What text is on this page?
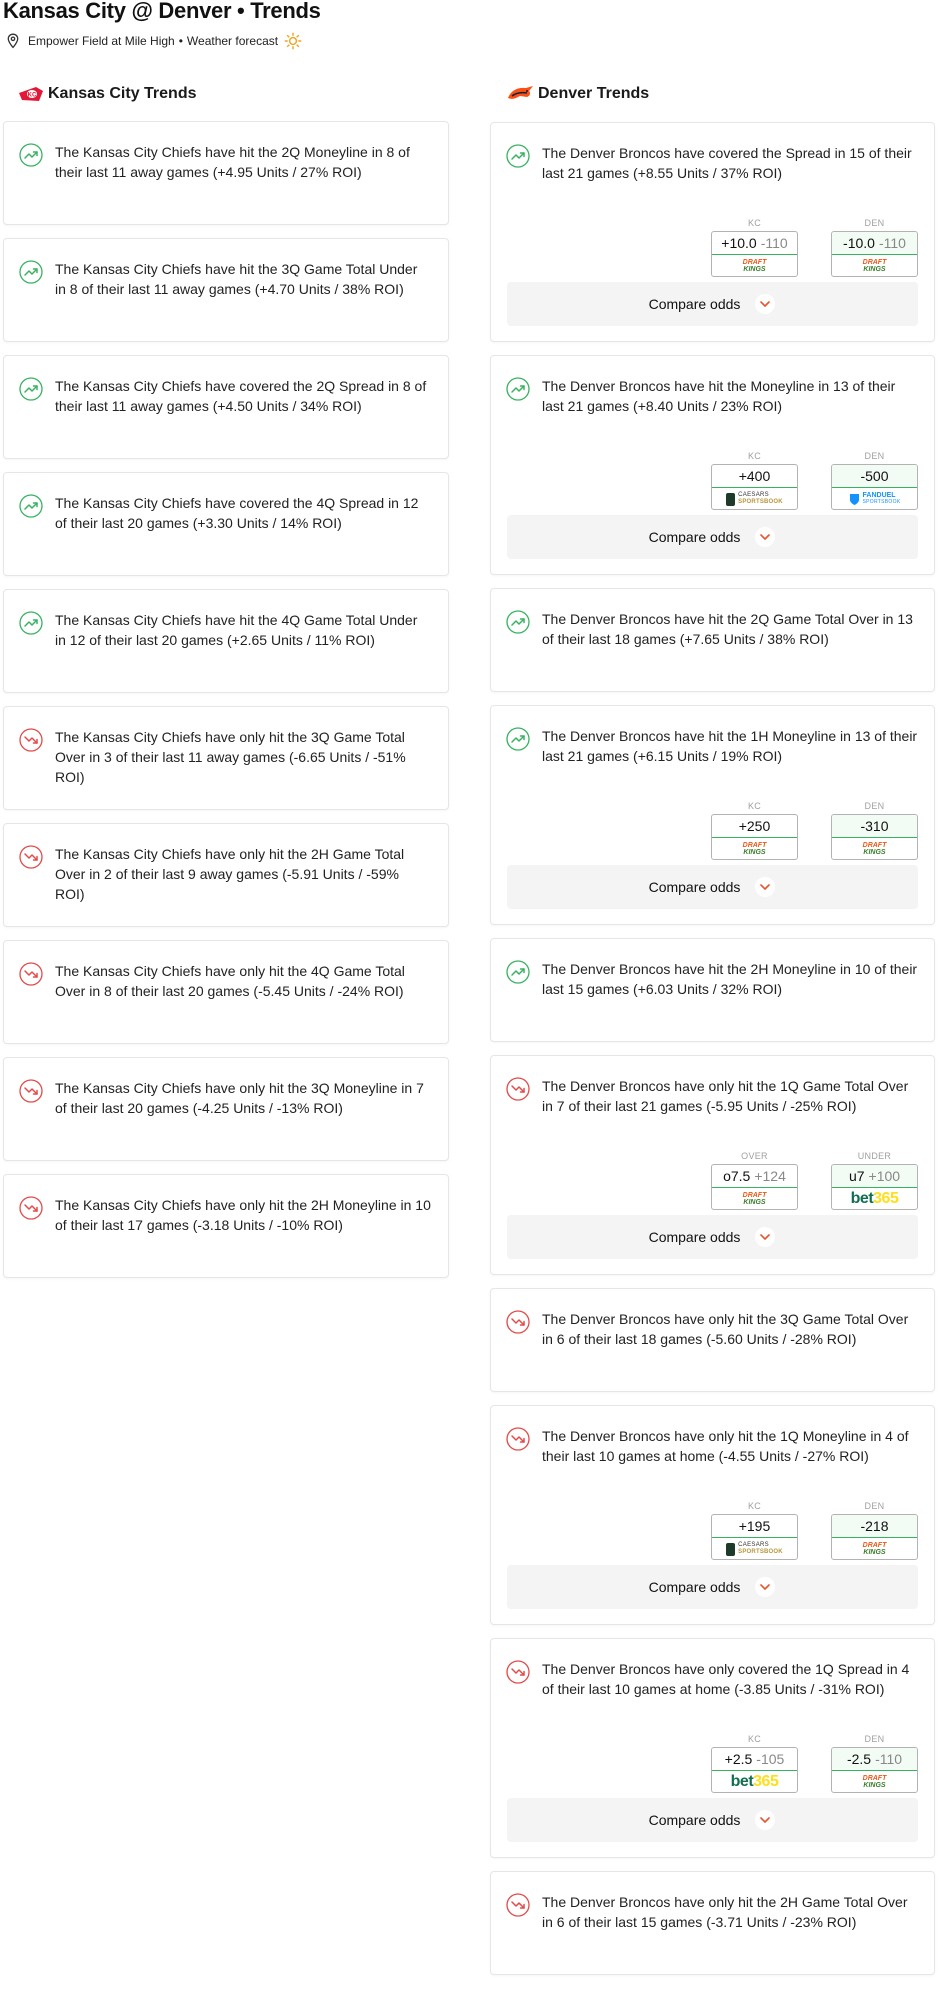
Kansas City @ Denver • Trends
Empower Field at Mile High • Weather forecast
KC Kansas City Trends	Denver Trends
The Kansas City Chiefs have hit the 2Q Moneyline in 8 of their last 11 away games (+4.95 Units / 27% ROI)
The Kansas City Chiefs have hit the 3Q Game Total Under in 8 of their last 11 away games (+4.70 Units / 38% ROI)
The Kansas City Chiefs have covered the 2Q Spread in 8 of their last 11 away games (+4.50 Units / 34% ROI)
The Kansas City Chiefs have covered the 4Q Spread in 12 of their last 20 games (+3.30 Units / 14% ROI)
The Kansas City Chiefs have hit the 4Q Game Total Under in 12 of their last 20 games (+2.65 Units / 11% ROI)
The Kansas City Chiefs have only hit the 3Q Game Total Over in 3 of their last 11 away games (-6.65 Units / -51% ROI)
The Kansas City Chiefs have only hit the 2H Game Total Over in 2 of their last 9 away games (-5.91 Units / -59% ROI)
The Kansas City Chiefs have only hit the 4Q Game Total Over in 8 of their last 20 games (-5.45 Units / -24% ROI)
The Kansas City Chiefs have only hit the 3Q Moneyline in 7 of their last 20 games (-4.25 Units / -13% ROI)
The Kansas City Chiefs have only hit the 2H Moneyline in 10 of their last 17 games (-3.18 Units / -10% ROI)
The Denver Broncos have covered the Spread in 15 of their last 21 games (+8.55 Units / 37% ROI)
KC
+10.0 -110
DRAFT
KINGS
DEN
-10.0 -110
DRAFT
KINGS
Compare odds
The Denver Broncos have hit the Moneyline in 13 of their last 21 games (+8.40 Units / 23% ROI)
KC
+400
CAESARS
SPORTSBOOK
DEN
-500
FANDUEL
SPORTSBOOK
Compare odds
The Denver Broncos have hit the 2Q Game Total Over in 13 of their last 18 games (+7.65 Units / 38% ROI)
The Denver Broncos have hit the 1H Moneyline in 13 of their last 21 games (+6.15 Units / 19% ROI)
KC
+250
DRAFT
KINGS
DEN
-310
DRAFT
KINGS
Compare odds
The Denver Broncos have hit the 2H Moneyline in 10 of their last 15 games (+6.03 Units / 32% ROI)
The Denver Broncos have only hit the 1Q Game Total Over in 7 of their last 21 games (-5.95 Units / -25% ROI)
OVER
o7.5 +124
DRAFT
KINGS
UNDER
u7 +100
bet 365
Compare odds
The Denver Broncos have only hit the 3Q Game Total Over in 6 of their last 18 games (-5.60 Units / -28% ROI)
The Denver Broncos have only hit the 1Q Moneyline in 4 of their last 10 games at home (-4.55 Units / -27% ROI)
KC
+195
CAESARS
SPORTSBOOK
DEN
-218
DRAFT
KINGS
Compare odds
The Denver Broncos have only covered the 1Q Spread in 4 of their last 10 games at home (-3.85 Units / -31% ROI)
KC
+2.5 -105
bet 365
DEN
-2.5 -110
DRAFT
KINGS
Compare odds
The Denver Broncos have only hit the 2H Game Total Over in 6 of their last 15 games (-3.71 Units / -23% ROI)
